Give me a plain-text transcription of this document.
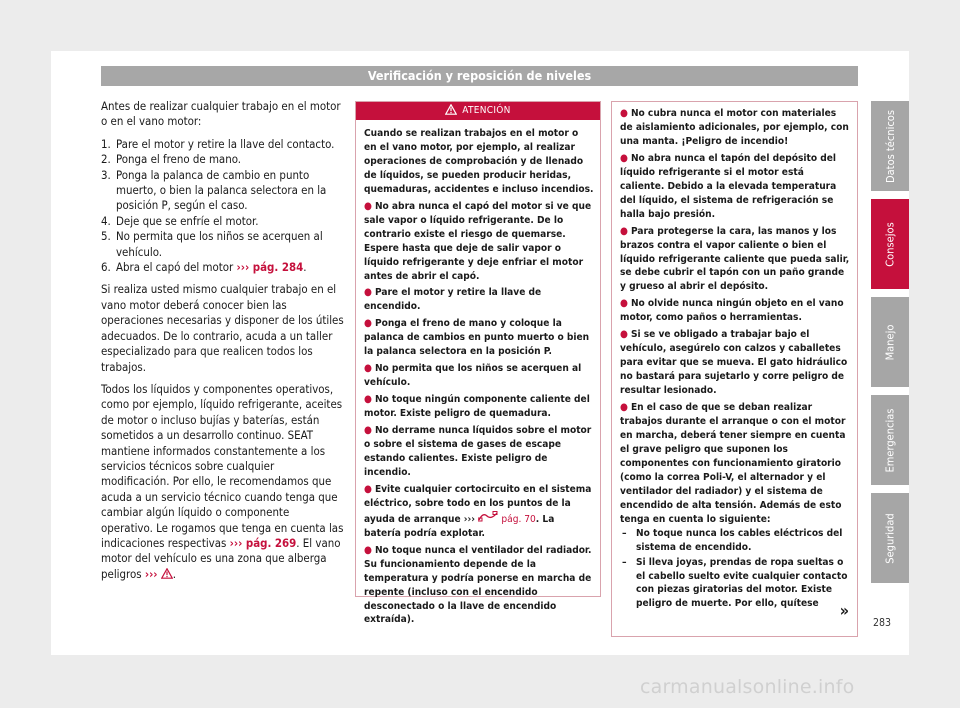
Verificación y reposición de niveles

Antes de realizar cualquier trabajo en el motor o en el vano motor:

1. Pare el motor y retire la llave del contacto.
2. Ponga el freno de mano.
3. Ponga la palanca de cambio en punto muerto, o bien la palanca selectora en la posición P, según el caso.
4. Deje que se enfríe el motor.
5. No permita que los niños se acerquen al vehículo.
6. Abra el capó del motor ››› pág. 284.

Si realiza usted mismo cualquier trabajo en el vano motor deberá conocer bien las operaciones necesarias y disponer de los útiles adecuados. De lo contrario, acuda a un taller especializado para que realicen todos los trabajos.

Todos los líquidos y componentes operativos, como por ejemplo, líquido refrigerante, aceites de motor o incluso bujías y baterías, están sometidos a un desarrollo continuo. SEAT mantiene informados constantemente a los servicios técnicos sobre cualquier modificación. Por ello, le recomendamos que acuda a un servicio técnico cuando tenga que cambiar algún líquido o componente operativo. Le rogamos que tenga en cuenta las indicaciones respectivas ››› pág. 269. El vano motor del vehículo es una zona que alberga peligros ››› .

ATENCIÓN

Cuando se realizan trabajos en el motor o en el vano motor, por ejemplo, al realizar operaciones de comprobación y de llenado de líquidos, se pueden producir heridas, quemaduras, accidentes e incluso incendios.

● No abra nunca el capó del motor si ve que sale vapor o líquido refrigerante. De lo contrario existe el riesgo de quemarse. Espere hasta que deje de salir vapor o líquido refrigerante y deje enfriar el motor antes de abrir el capó.
● Pare el motor y retire la llave de encendido.
● Ponga el freno de mano y coloque la palanca de cambios en punto muerto o bien la palanca selectora en la posición P.
● No permita que los niños se acerquen al vehículo.
● No toque ningún componente caliente del motor. Existe peligro de quemadura.
● No derrame nunca líquidos sobre el motor o sobre el sistema de gases de escape estando calientes. Existe peligro de incendio.
● Evite cualquier cortocircuito en el sistema eléctrico, sobre todo en los puntos de la ayuda de arranque ›››	pág. 70. La batería podría explotar.
● No toque nunca el ventilador del radiador. Su funcionamiento depende de la temperatura y podría ponerse en marcha de repente (incluso con el encendido desconectado o la llave de encendido extraída).
● No cubra nunca el motor con materiales de aislamiento adicionales, por ejemplo, con una manta. ¡Peligro de incendio!
● No abra nunca el tapón del depósito del líquido refrigerante si el motor está caliente. Debido a la elevada temperatura del líquido, el sistema de refrigeración se halla bajo presión.
● Para protegerse la cara, las manos y los brazos contra el vapor caliente o bien el líquido refrigerante caliente que pueda salir, se debe cubrir el tapón con un paño grande y grueso al abrir el depósito.
● No olvide nunca ningún objeto en el vano motor, como paños o herramientas.
● Si se ve obligado a trabajar bajo el vehículo, asegúrelo con calzos y caballetes para evitar que se mueva. El gato hidráulico no bastará para sujetarlo y corre peligro de resultar lesionado.
● En el caso de que se deban realizar trabajos durante el arranque o con el motor en marcha, deberá tener siempre en cuenta el grave peligro que suponen los componentes con funcionamiento giratorio (como la correa Poli-V, el alternador y el ventilador del radiador) y el sistema de encendido de alta tensión. Además de esto tenga en cuenta lo siguiente:
– No toque nunca los cables eléctricos del sistema de encendido.
– Si lleva joyas, prendas de ropa sueltas o el cabello suelto evite cualquier contacto con piezas giratorias del motor. Existe peligro de muerte. Por ello, quítese	»
Datos técnicos
Consejos
Manejo
Emergencias
Seguridad
283
carmanualsonline.info
